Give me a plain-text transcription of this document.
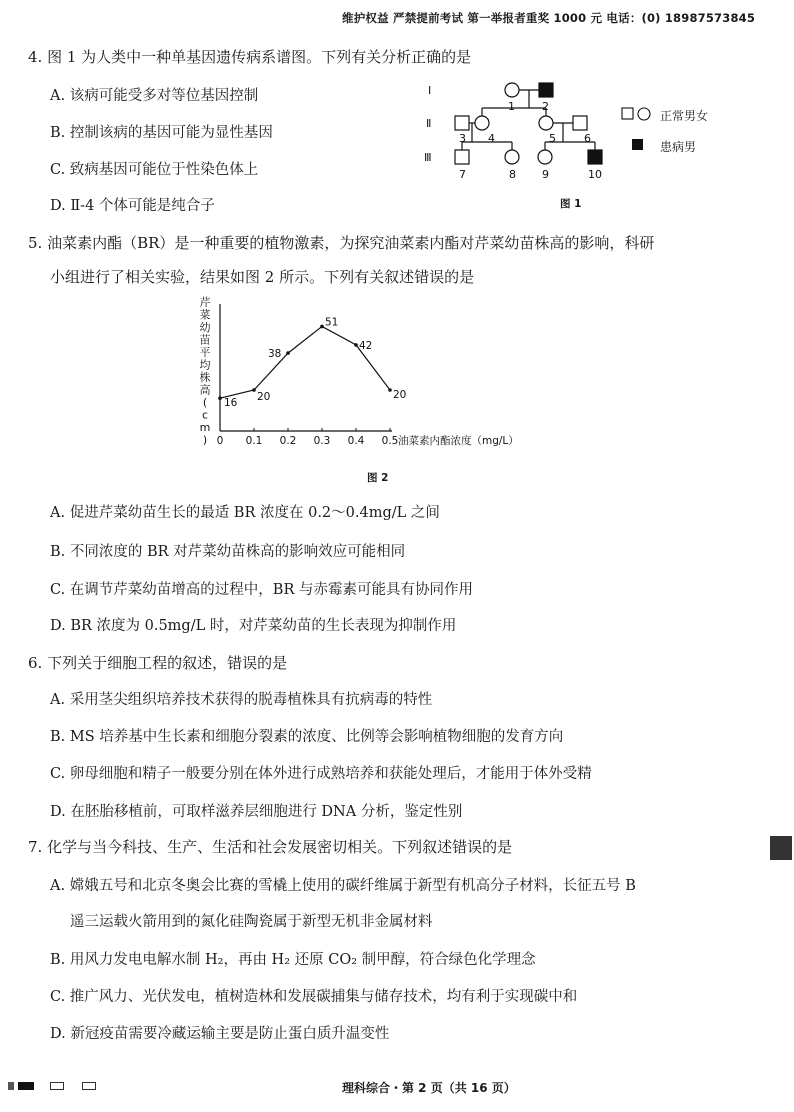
维护权益 严禁提前考试 第一举报者重奖 1000 元 电话：(0) 18987573845
4. 图 1 为人类中一种单基因遗传病系谱图。下列有关分析正确的是
A. 该病可能受多对等位基因控制
B. 控制该病的基因可能为显性基因
C. 致病基因可能位于性染色体上
D. Ⅱ-4 个体可能是纯合子
Ⅰ
Ⅱ
Ⅲ
1 2
3 4	5	6
7	8 9	10
图 1
正常男女
患病男
5. 油菜素内酯（BR）是一种重要的植物激素，为探究油菜素内酯对芹菜幼苗株高的影响，科研
小组进行了相关实验，结果如图 2 所示。下列有关叙述错误的是
芹
菜
幼
苗
平
均
株
高
(
c
m
) 0 0.1 0.2 0.3 0.4 0.5
16
20
38
51
42
20
油菜素内酯浓度（mg/L）
图 2
A. 促进芹菜幼苗生长的最适 BR 浓度在 0.2～0.4mg/L 之间
B. 不同浓度的 BR 对芹菜幼苗株高的影响效应可能相同
C. 在调节芹菜幼苗增高的过程中，BR 与赤霉素可能具有协同作用
D. BR 浓度为 0.5mg/L 时，对芹菜幼苗的生长表现为抑制作用
6. 下列关于细胞工程的叙述，错误的是
A. 采用茎尖组织培养技术获得的脱毒植株具有抗病毒的特性
B. MS 培养基中生长素和细胞分裂素的浓度、比例等会影响植物细胞的发育方向
C. 卵母细胞和精子一般要分别在体外进行成熟培养和获能处理后，才能用于体外受精
D. 在胚胎移植前，可取样滋养层细胞进行 DNA 分析，鉴定性别
7. 化学与当今科技、生产、生活和社会发展密切相关。下列叙述错误的是
A. 嫦娥五号和北京冬奥会比赛的雪橇上使用的碳纤维属于新型有机高分子材料，长征五号 B
遥三运载火箭用到的氮化硅陶瓷属于新型无机非金属材料
B. 用风力发电电解水制 H₂，再由 H₂ 还原 CO₂ 制甲醇，符合绿色化学理念
C. 推广风力、光伏发电，植树造林和发展碳捕集与储存技术，均有利于实现碳中和
D. 新冠疫苗需要冷藏运输主要是防止蛋白质升温变性
理科综合・第 2 页（共 16 页）
